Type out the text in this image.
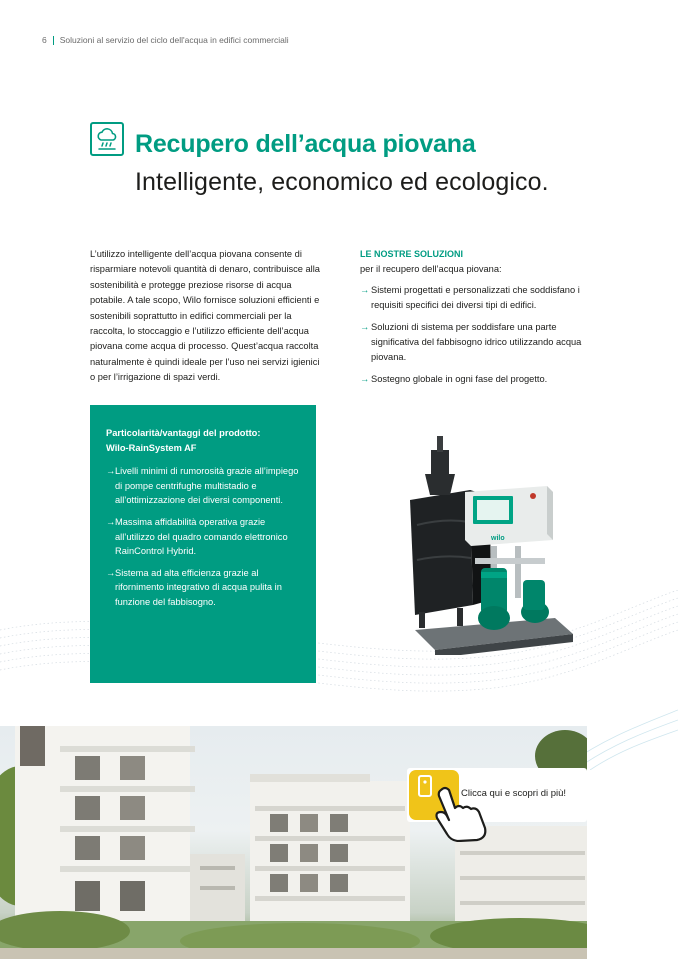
6 Soluzioni al servizio del ciclo dell'acqua in edifici commerciali
Recupero dell’acqua piovana
Intelligente, economico ed ecologico.

L’utilizzo intelligente dell’acqua piovana consente di risparmiare notevoli quantità di denaro, contribuisce alla sostenibilità e protegge preziose risorse di acqua potabile. A tale scopo, Wilo fornisce soluzioni efficienti e sostenibili soprattutto in edifici commerciali per la raccolta, lo stoccaggio e l’utilizzo efficiente dell’acqua piovana come acqua di processo. Quest’acqua raccolta naturalmente è quindi ideale per l’uso nei servizi igienici o per l’irrigazione di spazi verdi.

LE NOSTRE SOLUZIONI
per il recupero dell’acqua piovana:
→ Sistemi progettati e personalizzati che soddisfano i requisiti specifici dei diversi tipi di edifici.
→ Soluzioni di sistema per soddisfare una parte significativa del fabbisogno idrico utilizzando acqua piovana.
→ Sostegno globale in ogni fase del progetto.
Particolarità/vantaggi del prodotto:
Wilo-RainSystem AF
→ Livelli minimi di rumorosità grazie all’impiego di pompe centrifughe multistadio e all’ottimizzazione dei diversi componenti.
→ Massima affidabilità operativa grazie all’utilizzo del quadro comando elettronico RainControl Hybrid.
→ Sistema ad alta efficienza grazie al rifornimento integrativo di acqua pulita in funzione del fabbisogno.
wilo
Clicca qui e scopri di più!
